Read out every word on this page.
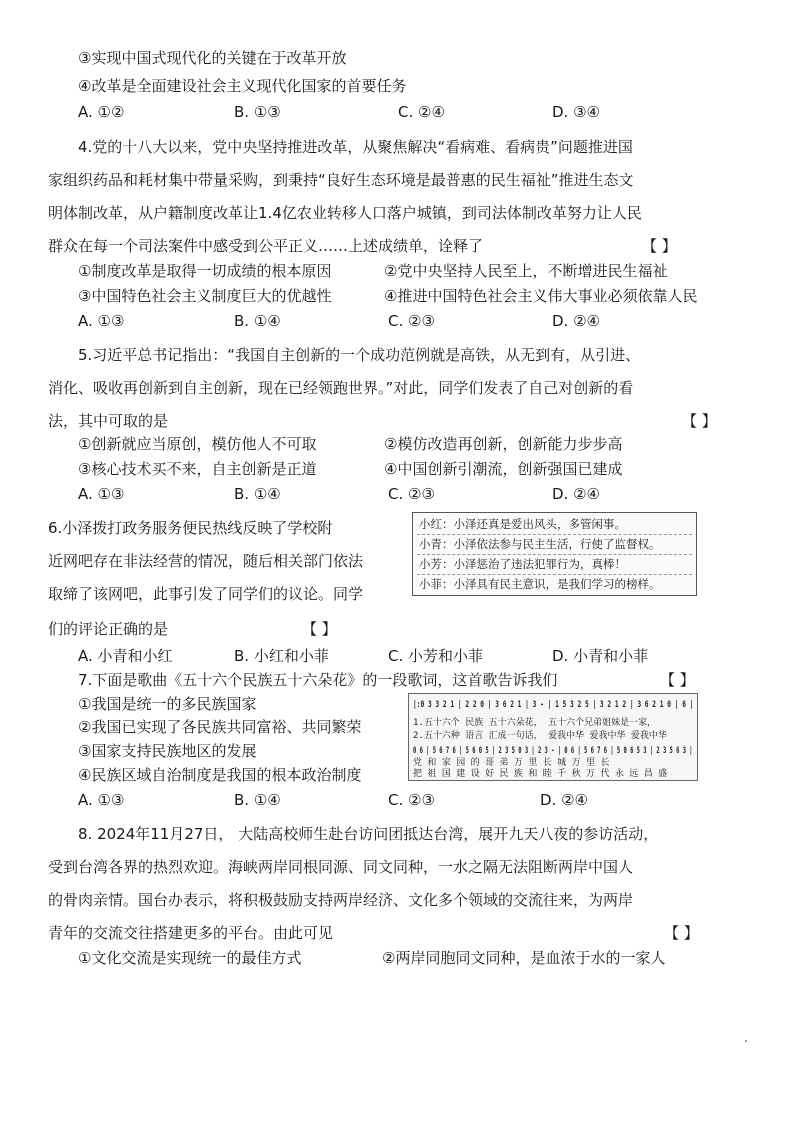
③实现中国式现代化的关键在于改革开放
④改革是全面建设社会主义现代化国家的首要任务
A. ①②	B. ①③	C. ②④	D. ③④
4.党的十八大以来，党中央坚持推进改革，从聚焦解决“看病难、看病贵”问题推进国
家组织药品和耗材集中带量采购，到秉持“良好生态环境是最普惠的民生福祉”推进生态文
明体制改革，从户籍制度改革让1.4亿农业转移人口落户城镇，到司法体制改革努力让人民
群众在每一个司法案件中感受到公平正义……上述成绩单，诠释了	【 】
①制度改革是取得一切成绩的根本原因	②党中央坚持人民至上，不断增进民生福祉
③中国特色社会主义制度巨大的优越性	④推进中国特色社会主义伟大事业必须依靠人民
A. ①③	B. ①④	C. ②③	D. ②④
5.习近平总书记指出：“我国自主创新的一个成功范例就是高铁，从无到有，从引进、
消化、吸收再创新到自主创新，现在已经领跑世界。”对此，同学们发表了自己对创新的看
法，其中可取的是	【 】
①创新就应当原创，模仿他人不可取	②模仿改造再创新，创新能力步步高
③核心技术买不来，自主创新是正道	④中国创新引潮流，创新强国已建成
A. ①③	B. ①④	C. ②③	D. ②④
6.小泽拨打政务服务便民热线反映了学校附
近网吧存在非法经营的情况，随后相关部门依法
取缔了该网吧，此事引发了同学们的议论。同学
们的评论正确的是	【 】
小红：小泽还真是爱出风头，多管闲事。
小青：小泽依法参与民主生活，行使了监督权。
小芳：小泽惩治了违法犯罪行为，真棒！
小菲：小泽具有民主意识，是我们学习的榜样。
A. 小青和小红	B. 小红和小菲	C. 小芳和小菲	D. 小青和小菲
7.下面是歌曲《五十六个民族五十六朵花》的一段歌词，这首歌告诉我们	【 】
①我国是统一的多民族国家
②我国已实现了各民族共同富裕、共同繁荣
③国家支持民族地区的发展
④民族区域自治制度是我国的根本政治制度
|:0 3 3 2 1 | 2 2 0 | 3 6 2 1 | 3 - | 1 5 3 2 5 | 3 2 1 2 | 3 6 2 1 0 | 6 |
1.五十六个 民族 五十六朵花， 五十六个兄弟姐妹是一家，
2.五十六种 语言 汇成一句话， 爱我中华 爱我中华 爱我中华
0 6 | 5 6 7 6 | 5 6 0 5 | 2 3 5 0 3 | 2 3 - | 0 6 | 5 6 7 6 | 5 0 6 5 3 | 2 3 5 6 3 |
党 和 家 园 的 哥 弟 万 里 长 城 万 里 长
把 祖 国 建 设 好 民 族 和 睦 千 秋 万 代 永 远 昌 盛
A. ①③	B. ①④	C. ②③	D. ②④
8. 2024年11月27日， 大陆高校师生赴台访问团抵达台湾，展开九天八夜的参访活动，
受到台湾各界的热烈欢迎。海峡两岸同根同源、同文同种，一水之隔无法阻断两岸中国人
的骨肉亲情。国台办表示，将积极鼓励支持两岸经济、文化多个领域的交流往来，为两岸
青年的交流交往搭建更多的平台。由此可见	【 】
①文化交流是实现统一的最佳方式	②两岸同胞同文同种，是血浓于水的一家人
